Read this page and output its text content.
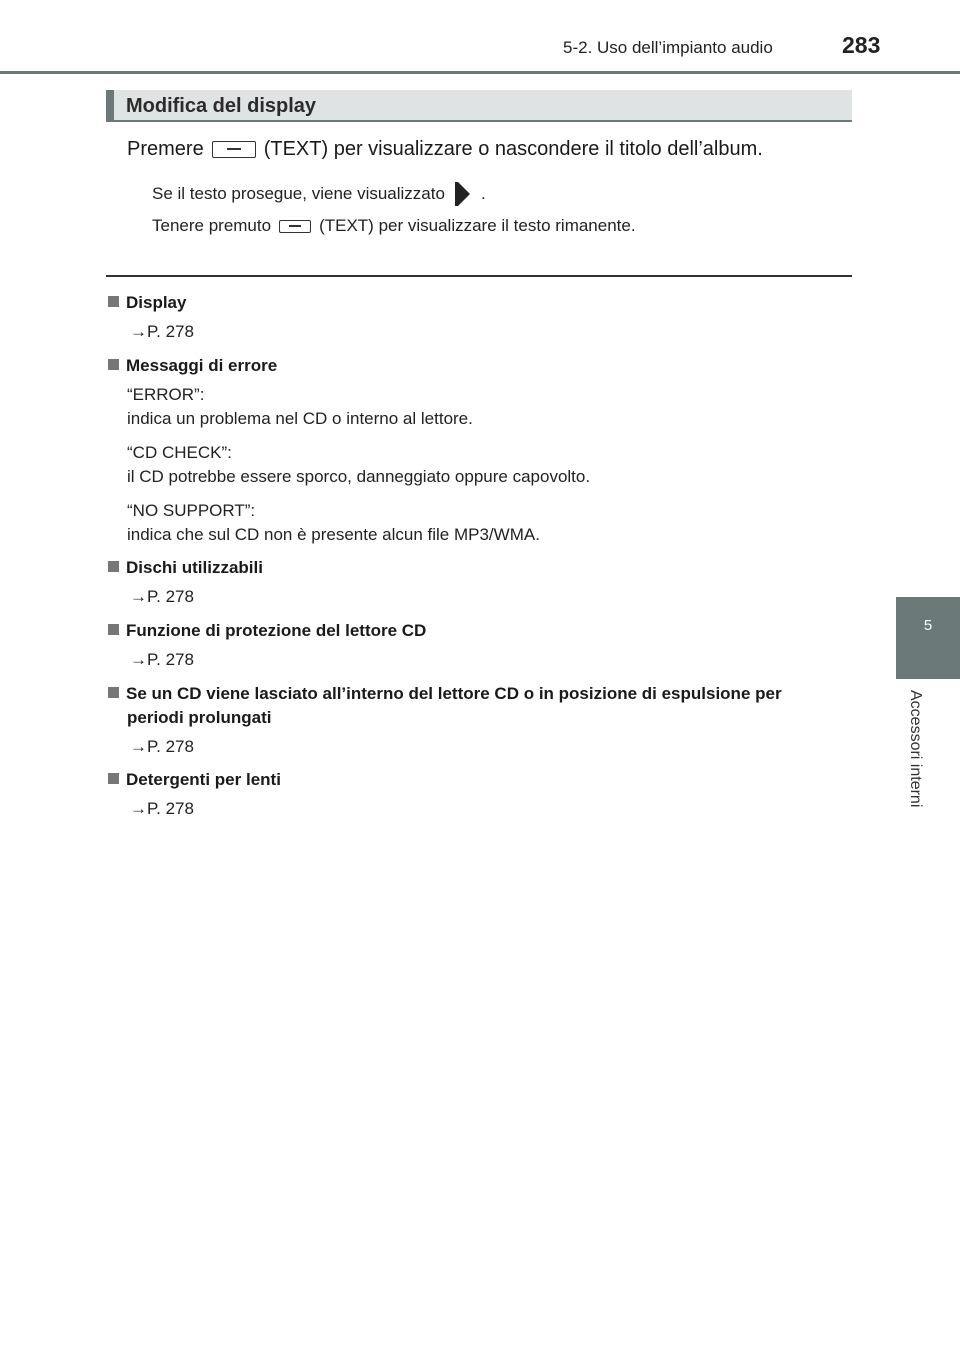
5-2. Uso dell’impianto audio	283
5
Accessori interni
Modifica del display
Premere	(TEXT) per visualizzare o nascondere il titolo dell’album.
Se il testo prosegue, viene visualizzato .
Tenere premuto	(TEXT) per visualizzare il testo rimanente.
Display
→P. 278
Messaggi di errore
“ERROR”:
indica un problema nel CD o interno al lettore.
“CD CHECK”:
il CD potrebbe essere sporco, danneggiato oppure capovolto.
“NO SUPPORT”:
indica che sul CD non è presente alcun file MP3/WMA.
Dischi utilizzabili
→P. 278
Funzione di protezione del lettore CD
→P. 278
Se un CD viene lasciato all’interno del lettore CD o in posizione di espulsione per
periodi prolungati
→P. 278
Detergenti per lenti
→P. 278
